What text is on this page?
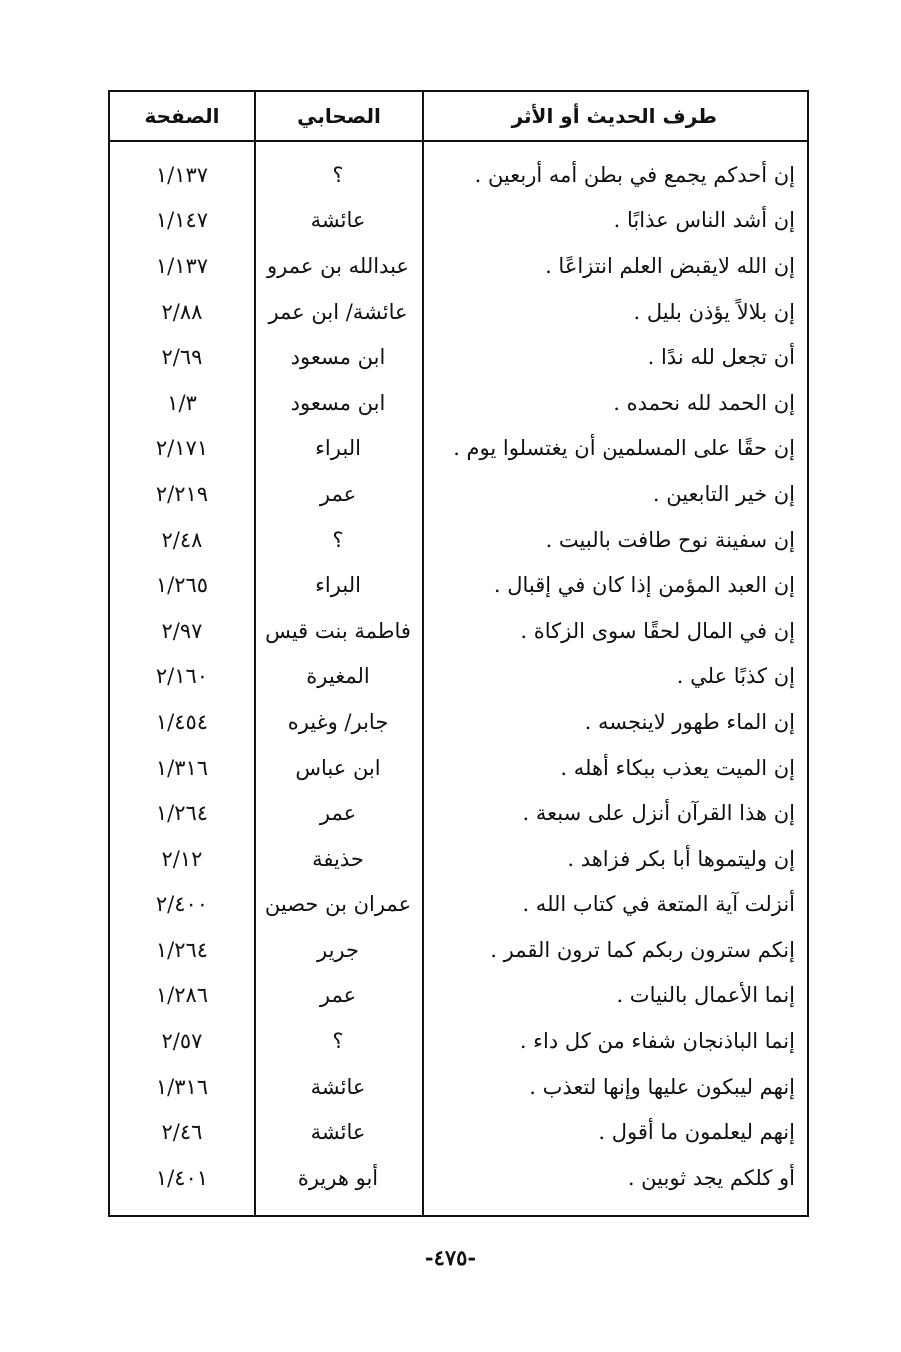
طرف الحديث أو الأثر
الصحابي
الصفحة
إن أحدكم يجمع في بطن أمه أربعين .
؟
١/١٣٧
إن أشد الناس عذابًا .
عائشة
١/١٤٧
إن الله لايقبض العلم انتزاعًا .
عبدالله بن عمرو
١/١٣٧
إن بلالاً يؤذن بليل .
عائشة/ ابن عمر
٢/٨٨
أن تجعل لله ندًا .
ابن مسعود
٢/٦٩
إن الحمد لله نحمده .
ابن مسعود
١/٣
إن حقًا على المسلمين أن يغتسلوا يوم .
البراء
٢/١٧١
إن خير التابعين .
عمر
٢/٢١٩
إن سفينة نوح طافت بالبيت .
؟
٢/٤٨
إن العبد المؤمن إذا كان في إقبال .
البراء
١/٢٦٥
إن في المال لحقًا سوى الزكاة .
فاطمة بنت قيس
٢/٩٧
إن كذبًا علي .
المغيرة
٢/١٦٠
إن الماء طهور لاينجسه .
جابر/ وغيره
١/٤٥٤
إن الميت يعذب ببكاء أهله .
ابن عباس
١/٣١٦
إن هذا القرآن أنزل على سبعة .
عمر
١/٢٦٤
إن وليتموها أبا بكر فزاهد .
حذيفة
٢/١٢
أنزلت آية المتعة في كتاب الله .
عمران بن حصين
٢/٤٠٠
إنكم سترون ربكم كما ترون القمر .
جرير
١/٢٦٤
إنما الأعمال بالنيات .
عمر
١/٢٨٦
إنما الباذنجان شفاء من كل داء .
؟
٢/٥٧
إنهم ليبكون عليها وإنها لتعذب .
عائشة
١/٣١٦
إنهم ليعلمون ما أقول .
عائشة
٢/٤٦
أو كلكم يجد ثوبين .
أبو هريرة
١/٤٠١
-٤٧٥-
